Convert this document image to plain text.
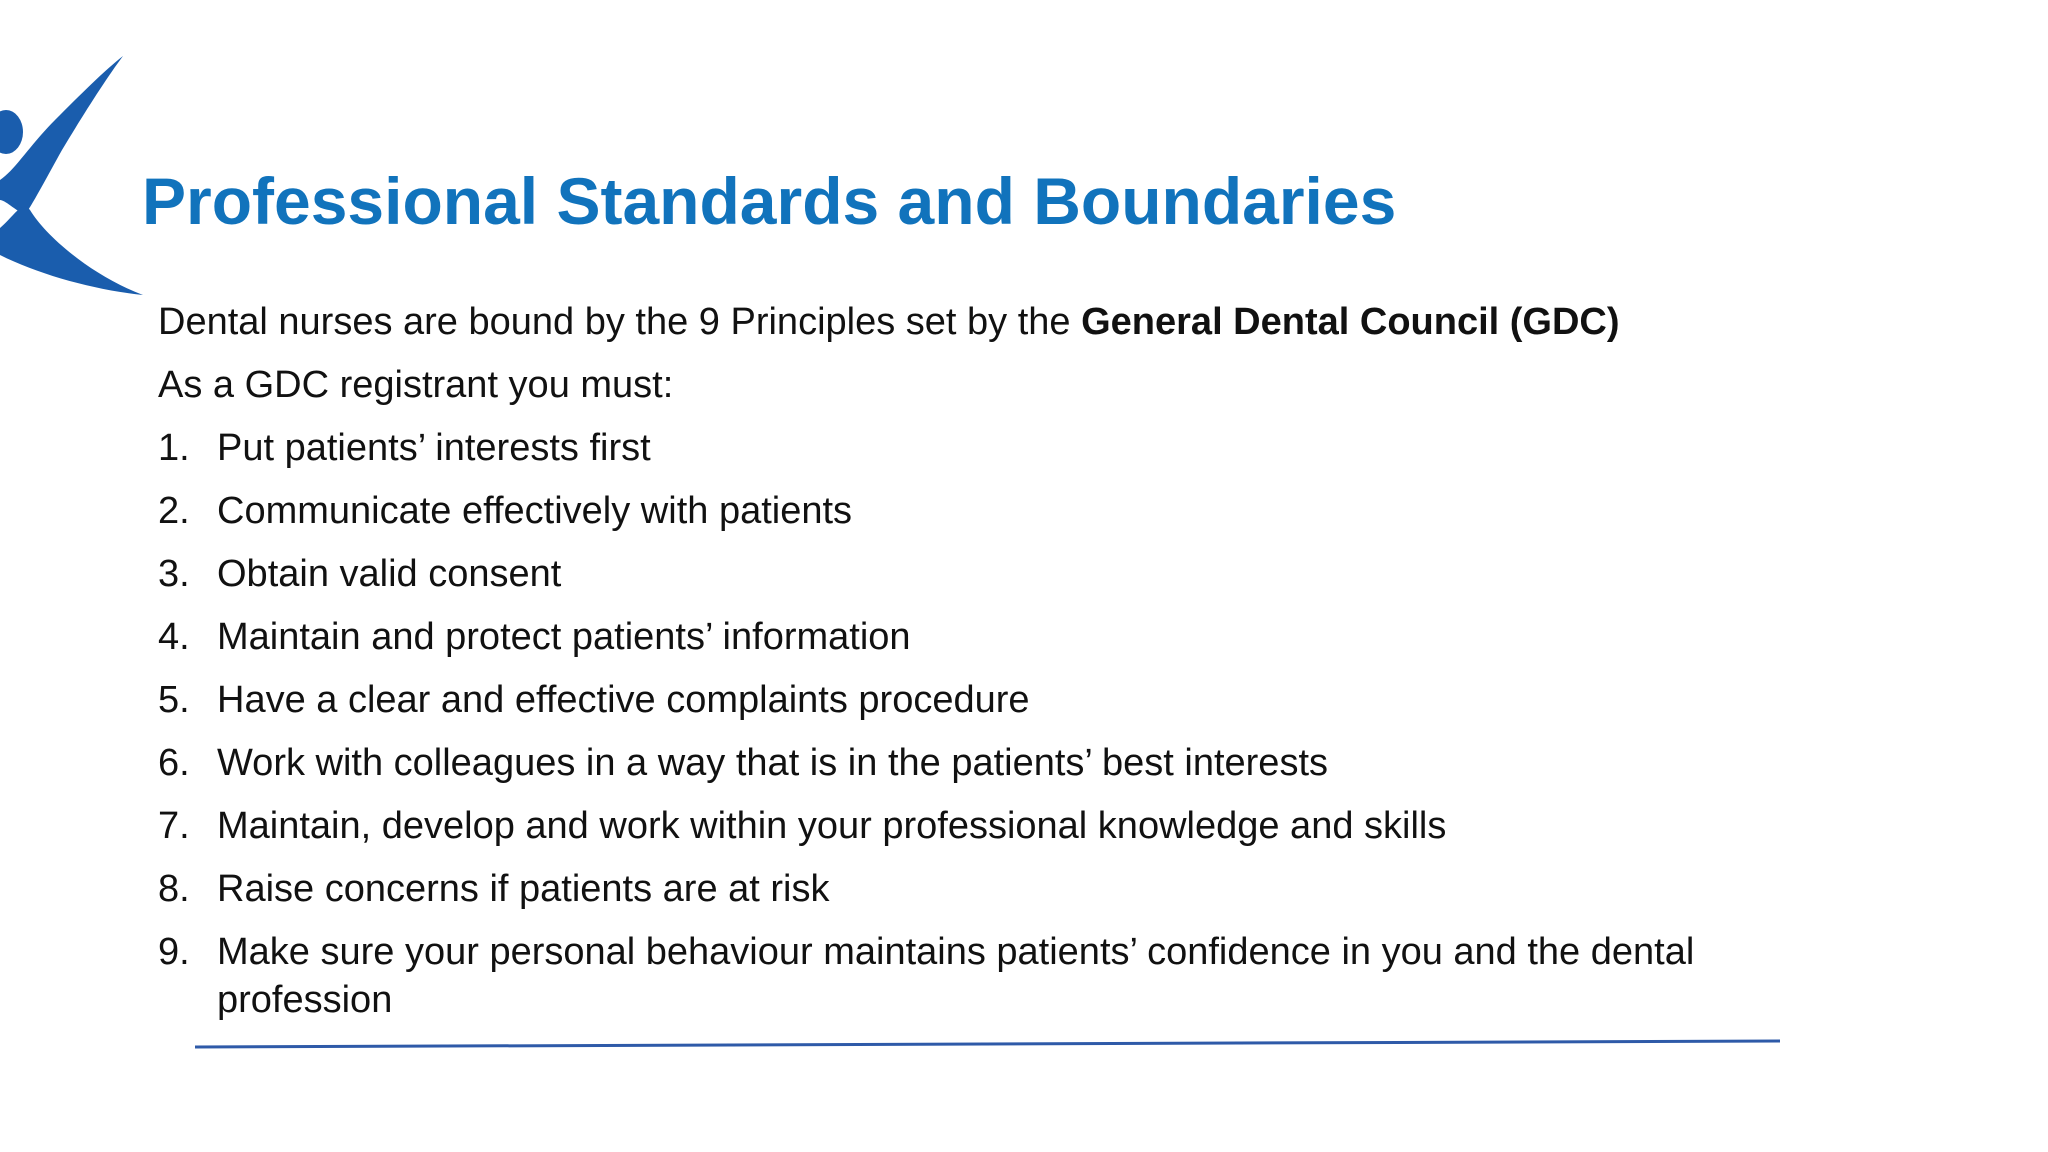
Professional Standards and Boundaries

Dental nurses are bound by the 9 Principles set by the General Dental Council (GDC)

As a GDC registrant you must:

1. Put patients’ interests first
2. Communicate effectively with patients
3. Obtain valid consent
4. Maintain and protect patients’ information
5. Have a clear and effective complaints procedure
6. Work with colleagues in a way that is in the patients’ best interests
7. Maintain, develop and work within your professional knowledge and skills
8. Raise concerns if patients are at risk
9. Make sure your personal behaviour maintains patients’ confidence in you and the dental profession
